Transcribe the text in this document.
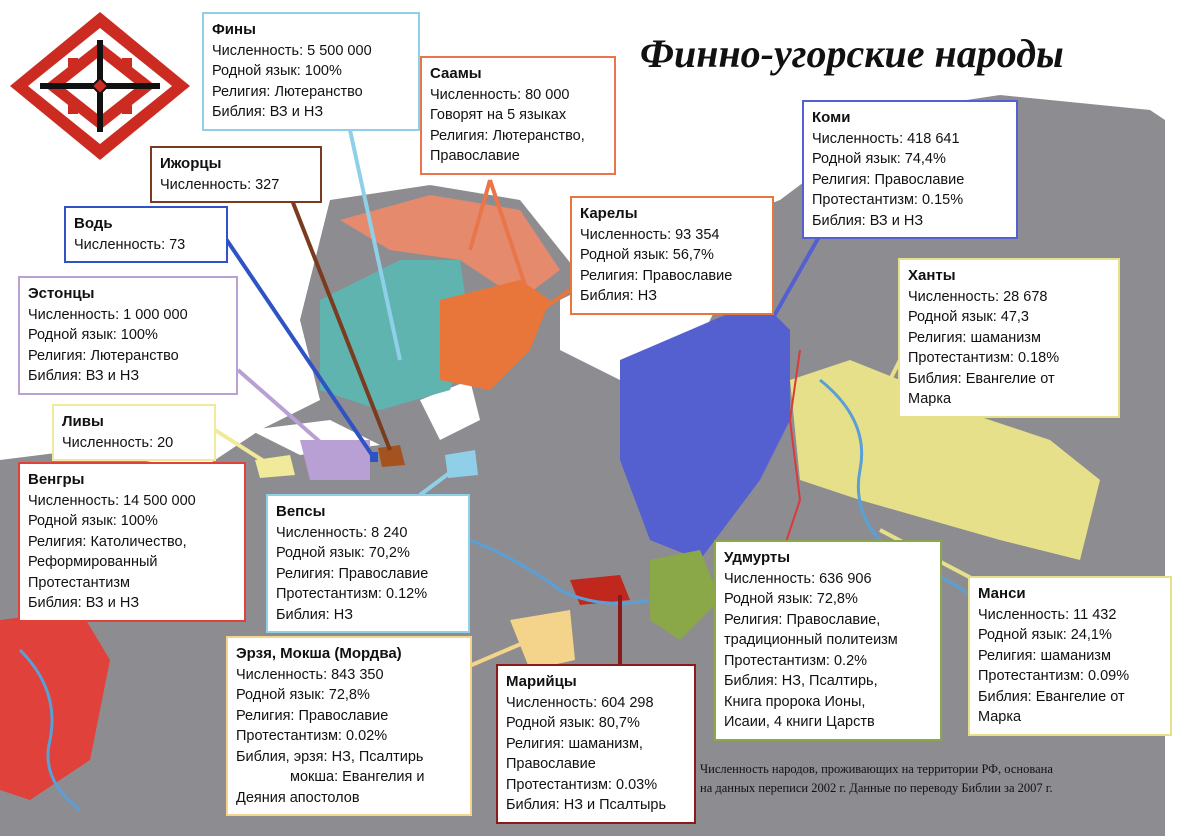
Финно-угорские народы
Фины
Численность: 5 500 000
Родной язык: 100%
Религия: Лютеранство
Библия: ВЗ и НЗ
Саамы
Численность: 80 000
Говорят на 5 языках
Религия: Лютеранство,
Православие
Ижорцы
Численность: 327
Водь
Численность: 73
Эстонцы
Численность: 1 000 000
Родной язык: 100%
Религия: Лютеранство
Библия: ВЗ и НЗ
Ливы
Численность: 20
Венгры
Численность: 14 500 000
Родной язык: 100%
Религия: Католичество,
Реформированный
Протестантизм
Библия: ВЗ и НЗ
Вепсы
Численность: 8 240
Родной язык: 70,2%
Религия: Православие
Протестантизм: 0.12%
Библия: НЗ
Эрзя, Мокша (Мордва)
Численность: 843 350
Родной язык: 72,8%
Религия: Православие
Протестантизм: 0.02%
Библия, эрзя: НЗ, Псалтирь
мокша: Евангелия и
Деяния апостолов
Марийцы
Численность: 604 298
Родной язык: 80,7%
Религия: шаманизм,
Православие
Протестантизм: 0.03%
Библия: НЗ и Псалтырь
Карелы
Численность: 93 354
Родной язык: 56,7%
Религия: Православие
Библия: НЗ
Коми
Численность: 418 641
Родной язык: 74,4%
Религия: Православие
Протестантизм: 0.15%
Библия: ВЗ и НЗ
Ханты
Численность: 28 678
Родной язык: 47,3
Религия: шаманизм
Протестантизм: 0.18%
Библия: Евангелие от
Марка
Удмурты
Численность: 636 906
Родной язык: 72,8%
Религия: Православие,
традиционный политеизм
Протестантизм: 0.2%
Библия: НЗ, Псалтирь,
Книга пророка Ионы,
Исаии, 4 книги Царств
Манси
Численность: 11 432
Родной язык: 24,1%
Религия: шаманизм
Протестантизм: 0.09%
Библия: Евангелие от
Марка
Численность народов, проживающих на территории РФ, основана
на данных переписи 2002 г. Данные по переводу Библии за 2007 г.
